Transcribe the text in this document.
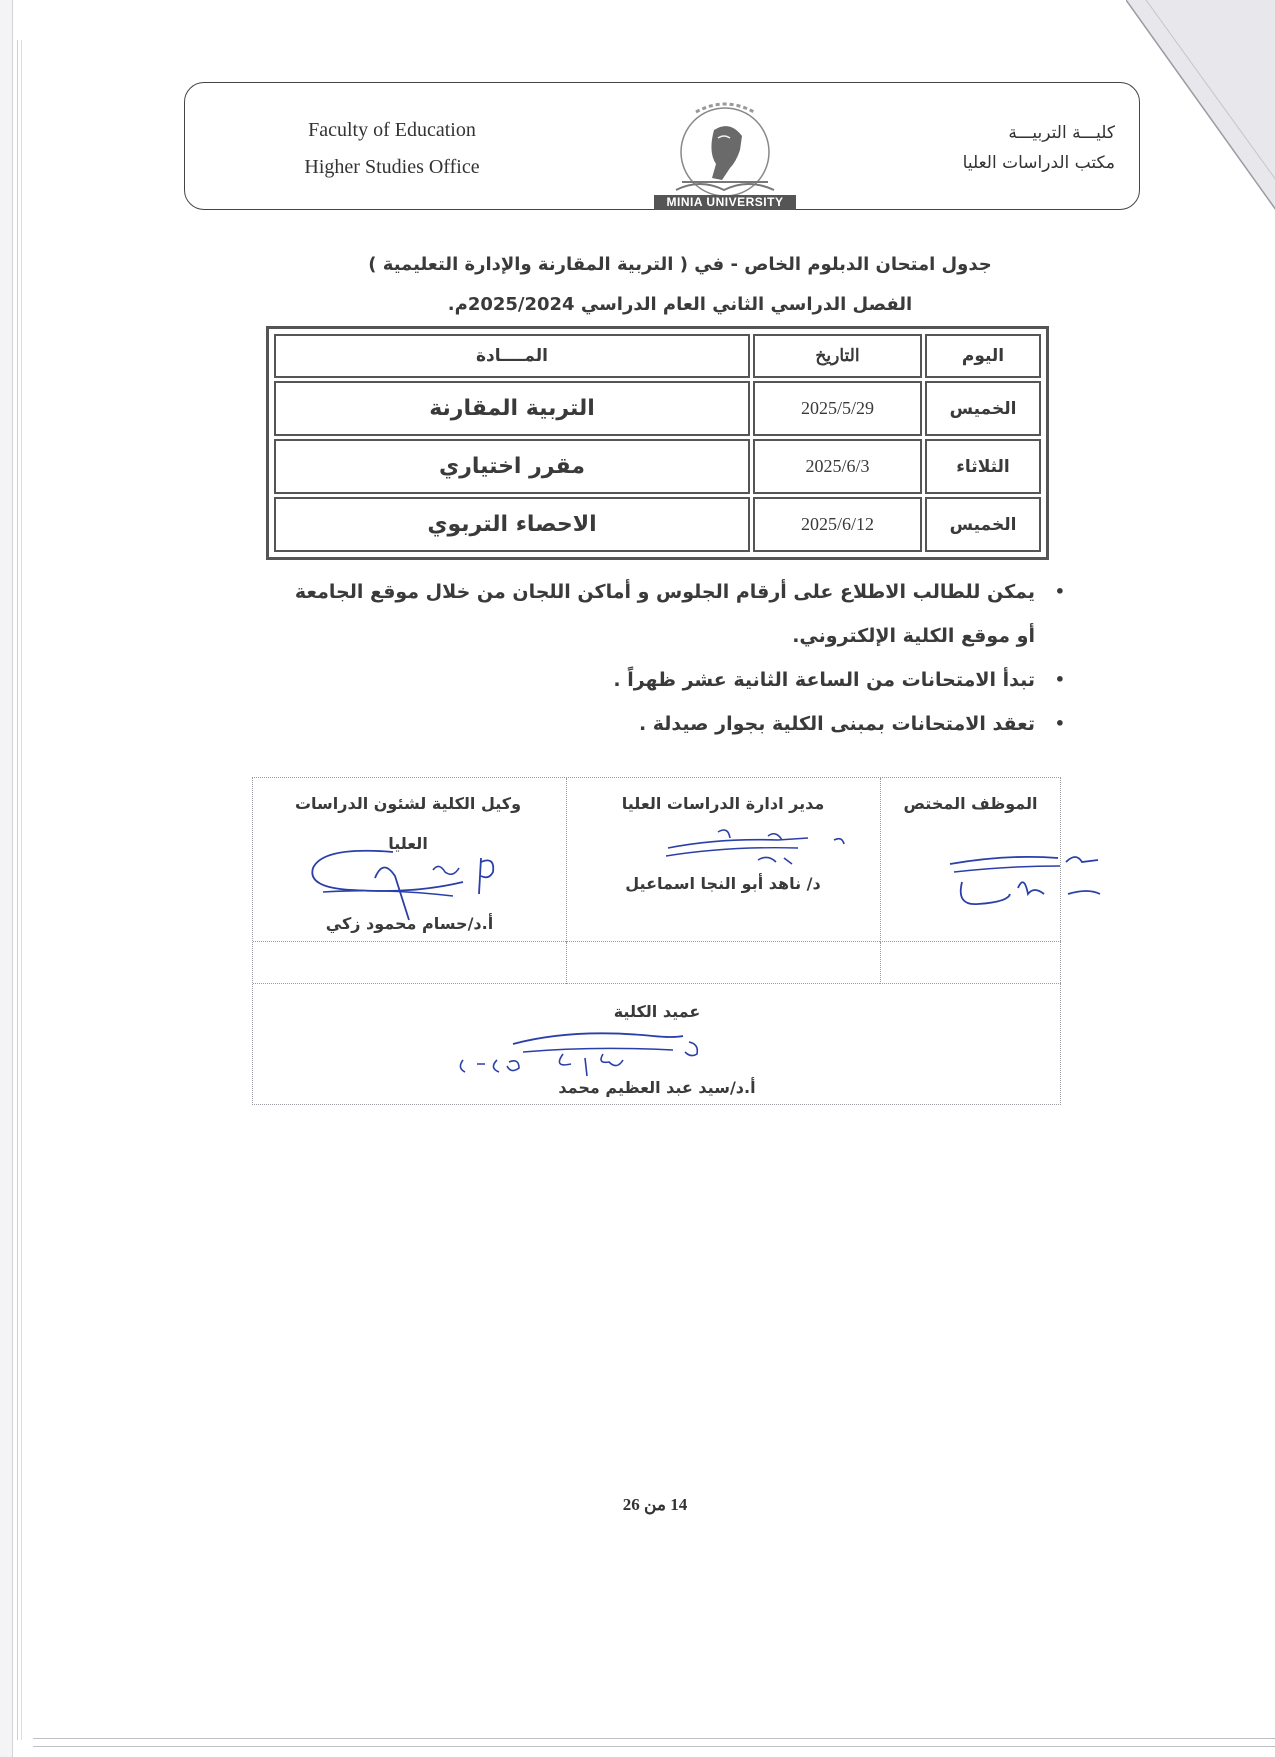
Faculty of Education
Higher Studies Office
كليـــة التربيـــة
مكتب الدراسات العليا
MINIA UNIVERSITY
جدول امتحان الدبلوم الخاص - في ( التربية المقارنة والإدارة التعليمية )
الفصل الدراسي الثاني العام الدراسي 2025/2024م.
اليوم	التاريخ	المــــادة
الخميس	2025/5/29	التربية المقارنة
الثلاثاء	2025/6/3	مقرر اختياري
الخميس	2025/6/12	الاحصاء التربوي
•
يمكن للطالب الاطلاع على أرقام الجلوس و أماكن اللجان من خلال موقع الجامعة أو موقع الكلية الإلكتروني.
•
تبدأ الامتحانات من الساعة الثانية عشر ظهراً .
•
تعقد الامتحانات بمبنى الكلية بجوار صيدلة .
الموظف المختص
مدير ادارة الدراسات العليا
د/ ناهد أبو النجا اسماعيل
وكيل الكلية لشئون الدراسات العليا
أ.د/حسام محمود زكي
عميد الكلية
أ.د/سيد عبد العظيم محمد
14 من 26
